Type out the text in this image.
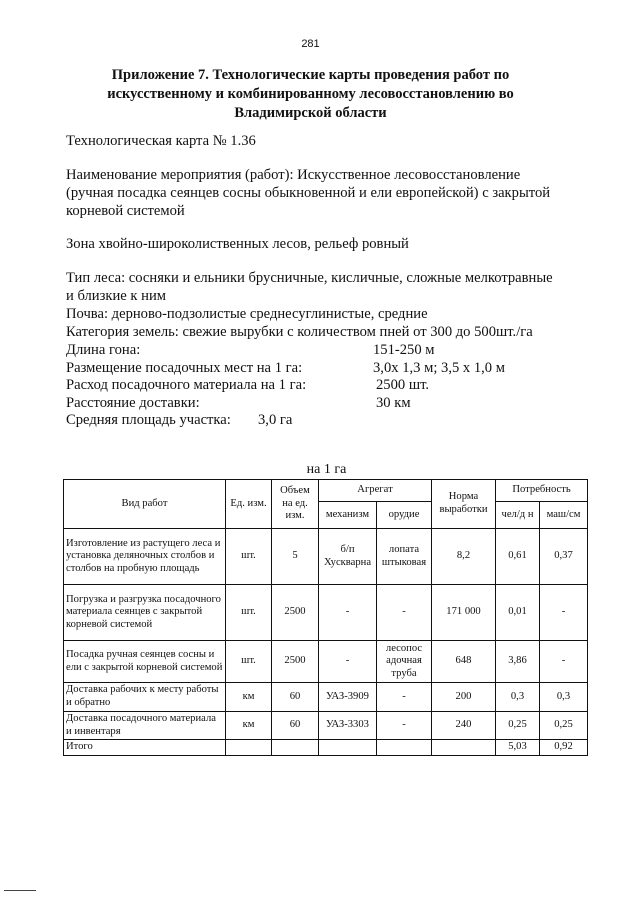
281
Приложение 7. Технологические карты проведения работ по
искусственному и комбинированному лесовосстановлению во
Владимирской области
Технологическая карта № 1.36
Наименование мероприятия (работ): Искусственное лесовосстановление
(ручная посадка сеянцев сосны обыкновенной и ели европейской) с закрытой
корневой системой
Зона хвойно-широколиственных лесов, рельеф ровный
Тип леса: сосняки и ельники брусничные, кисличные, сложные мелкотравные
и близкие к ним
Почва: дерново-подзолистые среднесуглинистые, средние
Категория земель: свежие вырубки с количеством пней от 300 до 500шт./га
Длина гона:	151-250 м
Размещение посадочных мест на 1 га:	3,0х 1,3 м; 3,5 х 1,0 м
Расход посадочного материала на 1 га:	2500 шт.
Расстояние доставки:	30 км
Средняя площадь участка: 3,0 га
на 1 га
Вид работ	Ед. изм.	Объем на ед. изм.	Агрегат		Норма выработки	Потребность	
			механизм	орудие		чел/д н	маш/см
Изготовление из растущего леса и установка деляночных столбов и столбов на пробную площадь	шт.	5	б/п Хускварна	лопата штыковая	8,2	0,61	0,37
Погрузка и разгрузка посадочного материала сеянцев с закрытой корневой системой	шт.	2500	-	-	171 000	0,01	-
Посадка ручная сеянцев сосны и ели с закрытой корневой системой	шт.	2500	-	лесопос адочная труба	648	3,86	-
Доставка рабочих к месту работы и обратно	км	60	УАЗ-3909	-	200	0,3	0,3
Доставка посадочного материала и инвентаря	км	60	УАЗ-3303	-	240	0,25	0,25
Итого						5,03	0,92
